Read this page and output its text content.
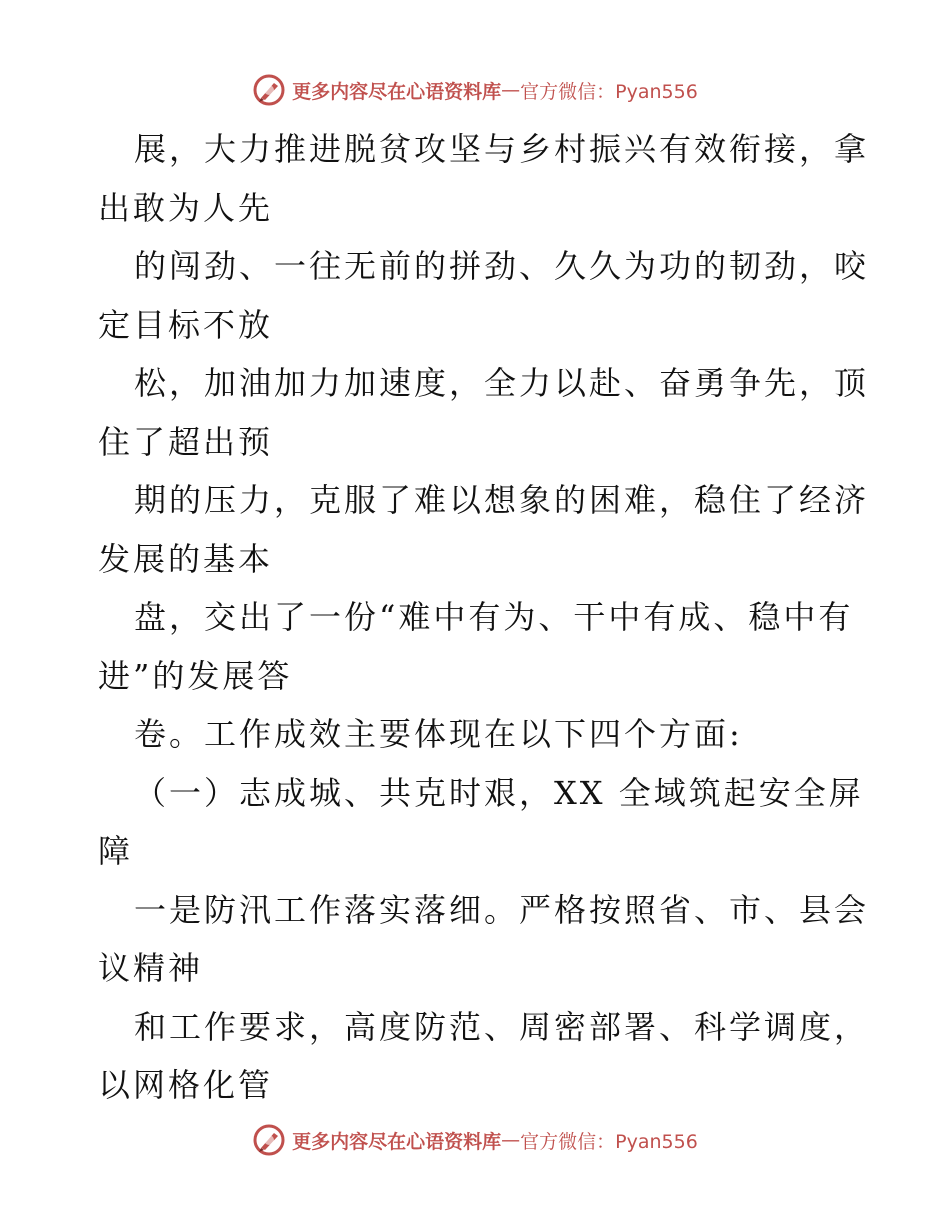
更多内容尽在心语资料库 — 官方微信：Pyan556
展，大力推进脱贫攻坚与乡村振兴有效衔接，拿
出敢为人先
的闯劲、一往无前的拼劲、久久为功的韧劲，咬
定目标不放
松，加油加力加速度，全力以赴、奋勇争先，顶
住了超出预
期的压力，克服了难以想象的困难，稳住了经济
发展的基本
盘，交出了一份“难中有为、干中有成、稳中有
进”的发展答
卷。工作成效主要体现在以下四个方面:
（一）志成城、共克时艰，XX 全域筑起安全屏
障
一是防汛工作落实落细。严格按照省、市、县会
议精神
和工作要求，高度防范、周密部署、科学调度，
以网格化管
更多内容尽在心语资料库 — 官方微信：Pyan556
